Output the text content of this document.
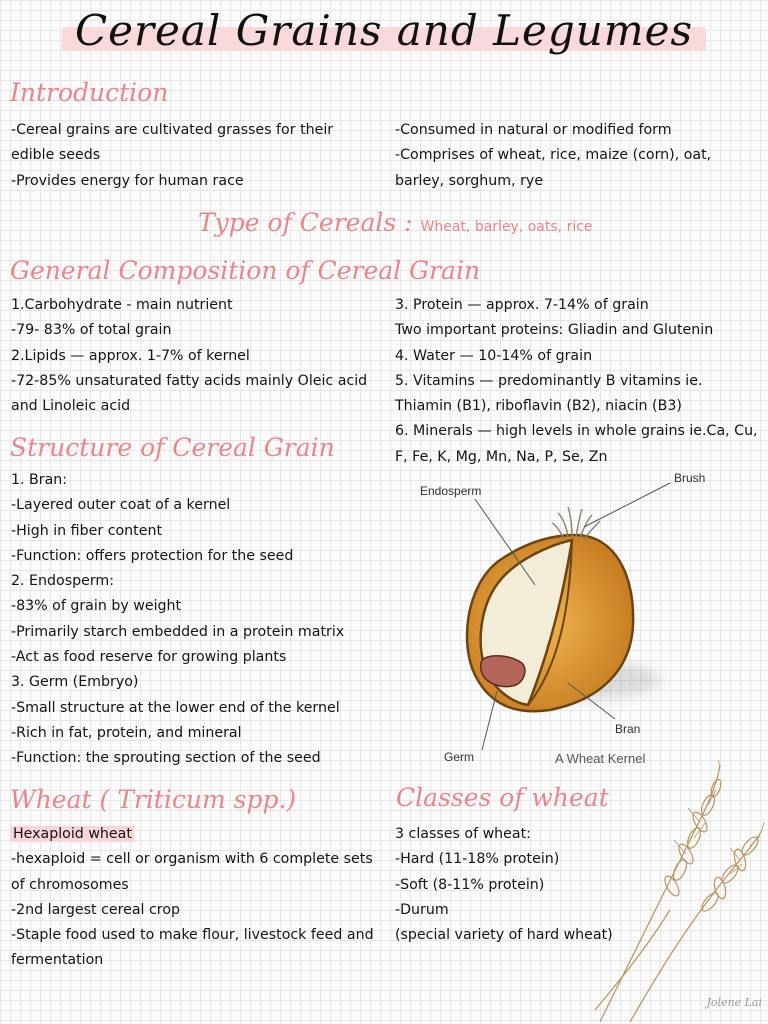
Cereal Grains and Legumes
Introduction
-Cereal grains are cultivated grasses for their
edible seeds
-Provides energy for human race
-Consumed in natural or modified form
-Comprises of wheat, rice, maize (corn), oat,
barley, sorghum, rye
Type of Cereals : Wheat, barley, oats, rice
General Composition of Cereal Grain
1.Carbohydrate - main nutrient
-79- 83% of total grain
2.Lipids — approx. 1-7% of kernel
-72-85% unsaturated fatty acids mainly Oleic acid
and Linoleic acid
3. Protein — approx. 7-14% of grain
Two important proteins: Gliadin and Glutenin
4. Water — 10-14% of grain
5. Vitamins — predominantly B vitamins ie.
Thiamin (B1), riboflavin (B2), niacin (B3)
6. Minerals — high levels in whole grains ie.Ca, Cu,
F, Fe, K, Mg, Mn, Na, P, Se, Zn
Structure of Cereal Grain
1. Bran:
-Layered outer coat of a kernel
-High in fiber content
-Function: offers protection for the seed
2. Endosperm:
-83% of grain by weight
-Primarily starch embedded in a protein matrix
-Act as food reserve for growing plants
3. Germ (Embryo)
-Small structure at the lower end of the kernel
-Rich in fat, protein, and mineral
-Function: the sprouting section of the seed
Endosperm
Brush
Bran
Germ	A Wheat Kernel
Wheat ( Triticum spp.)
Hexaploid wheat
-hexaploid = cell or organism with 6 complete sets
of chromosomes
-2nd largest cereal crop
-Staple food used to make flour, livestock feed and
fermentation
Classes of wheat
3 classes of wheat:
-Hard (11-18% protein)
-Soft (8-11% protein)
-Durum
(special variety of hard wheat)
Jolene Lai
